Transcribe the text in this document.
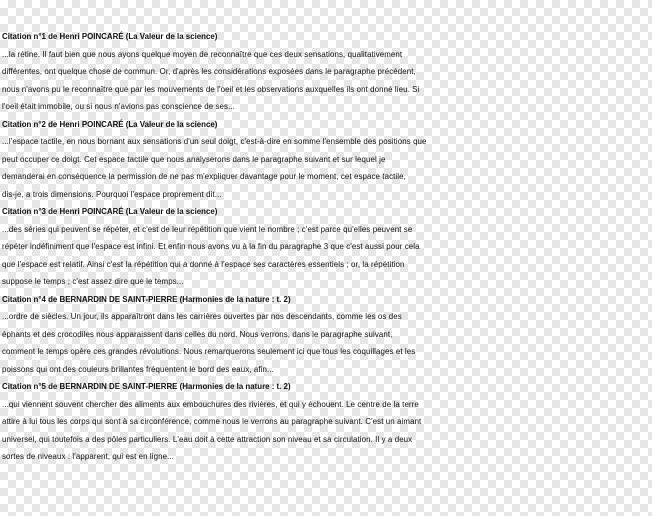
Citation n°1 de Henri POINCARÉ (La Valeur de la science)
...la rétine. Il faut bien que nous ayons quelque moyen de reconnaître que ces deux sensations, qualitativement
différentes, ont quelque chose de commun. Or, d'après les considérations exposées dans le paragraphe précédent,
nous n'avons pu le reconnaître que par les mouvements de l'oeil et les observations auxquelles ils ont donné lieu. Si
l'oeil était immobile, ou si nous n'avions pas conscience de ses...
Citation n°2 de Henri POINCARÉ (La Valeur de la science)
...l'espace tactile, en nous bornant aux sensations d'un seul doigt, c'est-à-dire en somme l'ensemble des positions que
peut occuper ce doigt. Cet espace tactile que nous analyserons dans le paragraphe suivant et sur lequel je
demanderai en conséquence la permission de ne pas m'expliquer davantage pour le moment, cet espace tactile,
dis-je, a trois dimensions. Pourquoi l'espace proprement dit...
Citation n°3 de Henri POINCARÉ (La Valeur de la science)
...des séries qui peuvent se répéter, et c'est de leur répétition que vient le nombre ; c'est parce qu'elles peuvent se
répéter indéfiniment que l'espace est infini. Et enfin nous avons vu à la fin du paragraphe 3 que c'est aussi pour cela
que l'espace est relatif. Ainsi c'est la répétition qui a donné à l'espace ses caractères essentiels ; or, la répétition
suppose le temps ; c'est assez dire que le temps...
Citation n°4 de BERNARDIN DE SAINT-PIERRE (Harmonies de la nature : t. 2)
...ordre de siècles. Un jour, ils apparaîtront dans les carrières ouvertes par nos descendants, comme les os des
éphants et des crocodiles nous apparaissent dans celles du nord. Nous verrons, dans le paragraphe suivant,
comment le temps opère ces grandes révolutions. Nous remarquerons seulement ici que tous les coquillages et les
poissons qui ont des couleurs brillantes fréquentent le bord des eaux, afin...
Citation n°5 de BERNARDIN DE SAINT-PIERRE (Harmonies de la nature : t. 2)
...qui viennent souvent chercher des aliments aux embouchures des rivières, et qui y échouent. Le centre de la terre
attire à lui tous les corps qui sont à sa circonférence, comme nous le verrons au paragraphe suivant. C'est un aimant
universel, qui toutefois a des pôles particuliers. L'eau doit à cette attraction son niveau et sa circulation. Il y a deux
sortes de niveaux : l'apparent, qui est en ligne...
